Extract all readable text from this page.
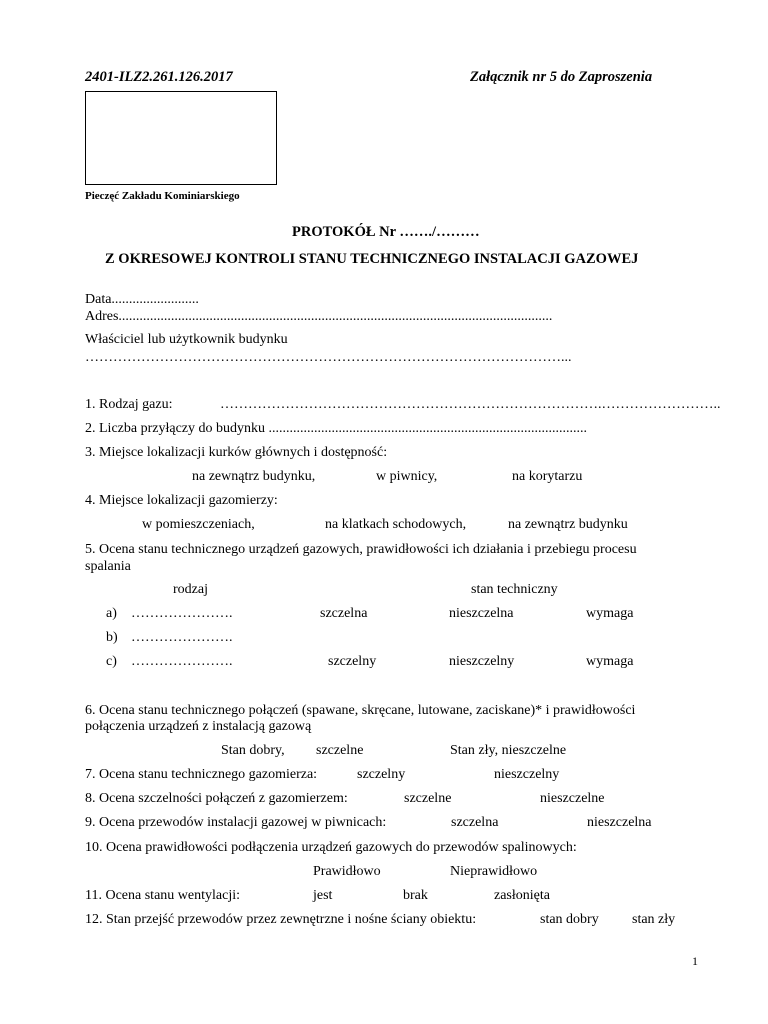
2401-ILZ2.261.126.2017	Załącznik nr 5 do Zaproszenia
Pieczęć Zakładu Kominiarskiego
PROTOKÓŁ Nr ……./………
Z OKRESOWEJ KONTROLI STANU TECHNICZNEGO INSTALACJI GAZOWEJ
Data.........................
Adres............................................................................................................................
Właściciel lub użytkownik budynku
…………………………………………………………………………………………...
1. Rodzaj gazu:	……………………………………………………………………….……………………..
2. Liczba przyłączy do budynku ...........................................................................................
3. Miejsce lokalizacji kurków głównych i dostępność:
na zewnątrz budynku,	w piwnicy,	na korytarzu
4. Miejsce lokalizacji gazomierzy:
w pomieszczeniach,	na klatkach schodowych,	na zewnątrz budynku
5. Ocena stanu technicznego urządzeń gazowych, prawidłowości ich działania i przebiegu procesu
spalania
rodzaj	stan techniczny
a) ………………….	szczelna	nieszczelna	wymaga
b) ………………….
c) ………………….	szczelny	nieszczelny	wymaga
6. Ocena stanu technicznego połączeń (spawane, skręcane, lutowane, zaciskane)* i prawidłowości
połączenia urządzeń z instalacją gazową
Stan dobry, szczelne	Stan zły, nieszczelne
7. Ocena stanu technicznego gazomierza:	szczelny	nieszczelny
8. Ocena szczelności połączeń z gazomierzem:	szczelne	nieszczelne
9. Ocena przewodów instalacji gazowej w piwnicach:	szczelna	nieszczelna
10. Ocena prawidłowości podłączenia urządzeń gazowych do przewodów spalinowych:
Prawidłowo	Nieprawidłowo
11. Ocena stanu wentylacji:	jest	brak	zasłonięta
12. Stan przejść przewodów przez zewnętrzne i nośne ściany obiektu:	stan dobry stan zły
1
